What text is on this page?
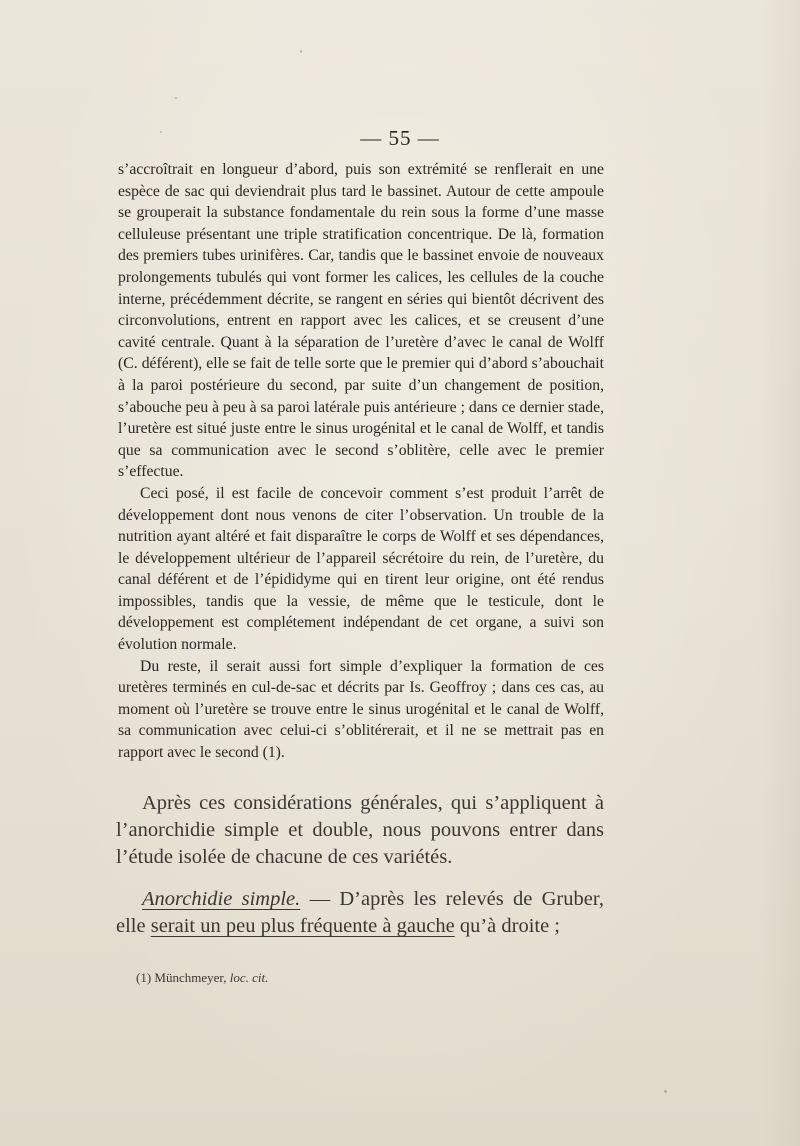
— 55 —

s’accroîtrait en longueur d’abord, puis son extrémité se renflerait en une espèce de sac qui deviendrait plus tard le bassinet. Autour de cette ampoule se grouperait la substance fondamentale du rein sous la forme d’une masse celluleuse présentant une triple stratification concentrique. De là, formation des premiers tubes urinifères. Car, tandis que le bassinet envoie de nouveaux prolongements tubulés qui vont former les calices, les cellules de la couche interne, précédemment décrite, se rangent en séries qui bientôt décrivent des circonvolutions, entrent en rapport avec les calices, et se creusent d’une cavité centrale. Quant à la séparation de l’uretère d’avec le canal de Wolff (C. déférent), elle se fait de telle sorte que le premier qui d’abord s’abouchait à la paroi postérieure du second, par suite d’un changement de position, s’abouche peu à peu à sa paroi latérale puis antérieure ; dans ce dernier stade, l’uretère est situé juste entre le sinus urogénital et le canal de Wolff, et tandis que sa communication avec le second s’oblitère, celle avec le premier s’effectue.

Ceci posé, il est facile de concevoir comment s’est produit l’arrêt de développement dont nous venons de citer l’observation. Un trouble de la nutrition ayant altéré et fait disparaître le corps de Wolff et ses dépendances, le développement ultérieur de l’appareil sécrétoire du rein, de l’uretère, du canal déférent et de l’épididyme qui en tirent leur origine, ont été rendus impossibles, tandis que la vessie, de même que le testicule, dont le développement est complétement indépendant de cet organe, a suivi son évolution normale.

Du reste, il serait aussi fort simple d’expliquer la formation de ces uretères terminés en cul-de-sac et décrits par Is. Geoffroy ; dans ces cas, au moment où l’uretère se trouve entre le sinus urogénital et le canal de Wolff, sa communication avec celui-ci s’oblitérerait, et il ne se mettrait pas en rapport avec le second (1).

Après ces considérations générales, qui s’appliquent à l’anorchidie simple et double, nous pouvons entrer dans l’étude isolée de chacune de ces variétés.

Anorchidie simple. — D’après les relevés de Gruber, elle serait un peu plus fréquente à gauche qu’à droite ;

(1) Münchmeyer, loc. cit.
